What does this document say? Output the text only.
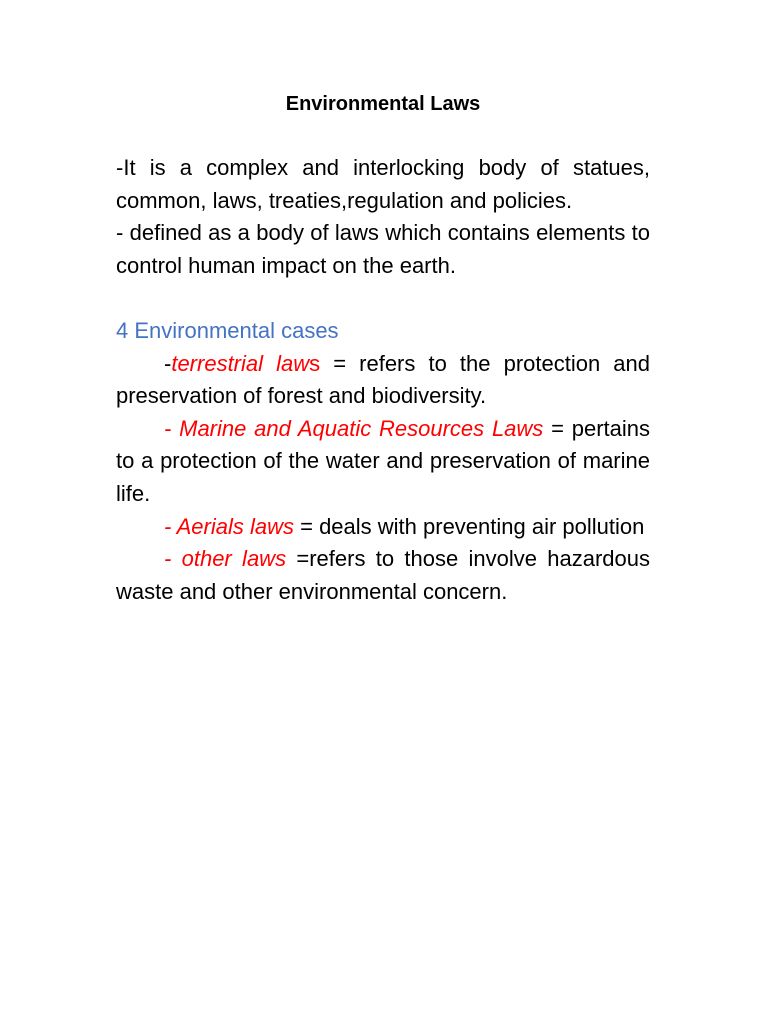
Environmental Laws

-It is a complex and interlocking body of statues, common, laws, treaties,regulation and policies.

- defined as a body of laws which contains elements to control human impact on the earth.

4 Environmental cases

-terrestrial laws = refers to the protection and preservation of forest and biodiversity.

- Marine and Aquatic Resources Laws = pertains to a protection of the water and preservation of marine life.

- Aerials laws = deals with preventing air pollution

- other laws =refers to those involve hazardous waste and other environmental concern.
